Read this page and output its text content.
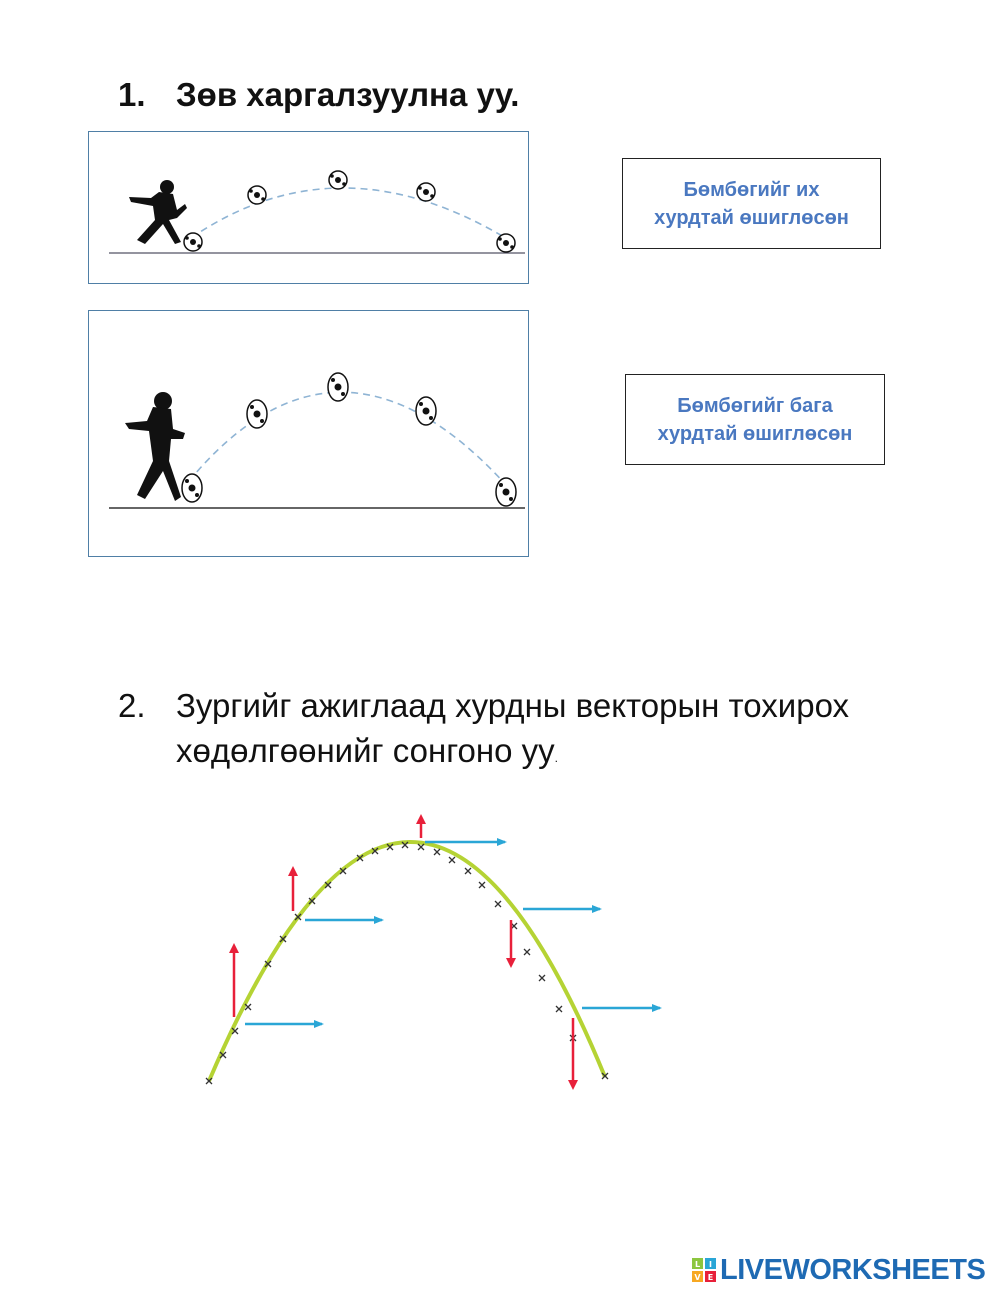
1. Зөв харгалзуулна уу.
Бөмбөгийг их
хурдтай өшиглөсөн
Бөмбөгийг бага
хурдтай өшиглөсөн
2. Зургийг ажиглаад хурдны векторын тохирох
хөдөлгөөнийг сонгоно уу.
L I
V E LIVEWORKSHEETS
